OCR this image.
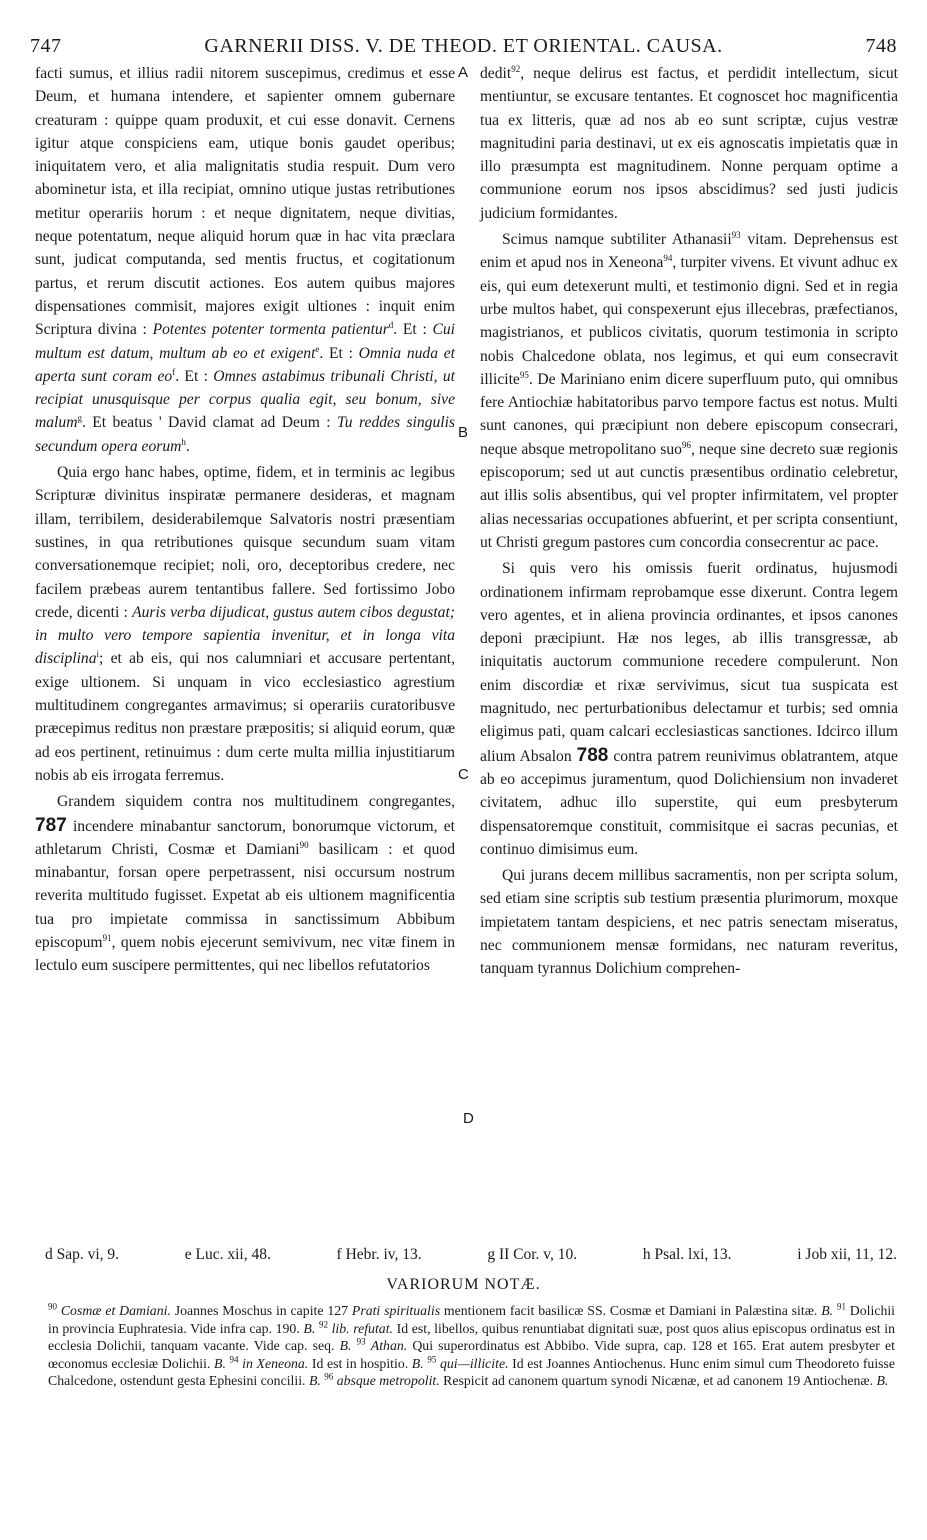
747	GARNERII DISS. V. DE THEOD. ET ORIENTAL. CAUSA.	748
A
B
C
D

facti sumus, et illius radii nitorem suscepimus, credimus et esse Deum, et humana intendere, et sapienter omnem gubernare creaturam : quippe quam produxit, et cui esse donavit. Cernens igitur atque conspiciens eam, utique bonis gaudet operibus; iniquitatem vero, et alia malignitatis studia respuit. Dum vero abominetur ista, et illa recipiat, omnino utique justas retributiones metitur operariis horum : et neque dignitatem, neque divitias, neque potentatum, neque aliquid horum quæ in hac vita præclara sunt, judicat computanda, sed mentis fructus, et cogitationum partus, et rerum discutit actiones. Eos autem quibus majores dispensationes commisit, majores exigit ultiones : inquit enim Scriptura divina : Potentes potenter tormenta patientur$^d$. Et : Cui multum est datum, multum ab eo et exigent$^e$. Et : Omnia nuda et aperta sunt coram $eo^f$. Et : Omnes astabimus tribunali Christi, ut recipiat unusquisque per corpus qualia egit, seu bonum, sive malum$^g$. Et beatus ' David clamat ad Deum : Tu reddes singulis secundum opera eorum$^h$.

Quia ergo hanc habes, optime, fidem, et in terminis ac legibus Scripturæ divinitus inspiratæ permanere desideras, et magnam illam, terribilem, desiderabilemque Salvatoris nostri præsentiam sustines, in qua retributiones quisque secundum suam vitam conversationemque recipiet; noli, oro, deceptoribus credere, nec facilem præbeas aurem tentantibus fallere. Sed fortissimo Jobo crede, dicenti : Auris verba dijudicat, gustus autem cibos degustat; in multo vero tempore sapientia invenitur, et in longa vita disciplina$^i$; et ab eis, qui nos calumniari et accusare pertentant, exige ultionem. Si unquam in vico ecclesiastico agrestium multitudinem congregantes armavimus; si operariis curatoribusve præcepimus reditus non præstare præpositis; si aliquid eorum, quæ ad eos pertinent, retinuimus : dum certe multa millia injustitiarum nobis ab eis irrogata ferremus.

Grandem siquidem contra nos multitudinem congregantes, 787 incendere minabantur sanctorum, bonorumque victorum, et athletarum Christi, Cosmæ et Damiani$^{90}$ basilicam : et quod minabantur, forsan opere perpetrassent, nisi occursum nostrum reverita multitudo fugisset. Expetat ab eis ultionem magnificentia tua pro impietate commissa in sanctissimum Abbibum episcopum$^{91}$, quem nobis ejecerunt semivivum, nec vitæ finem in lectulo eum suscipere permittentes, qui nec libellos refutatorios

dedit$^{92}$, neque delirus est factus, et perdidit intellectum, sicut mentiuntur, se excusare tentantes. Et cognoscet hoc magnificentia tua ex litteris, quæ ad nos ab eo sunt scriptæ, cujus vestræ magnitudini paria destinavi, ut ex eis agnoscatis impietatis quæ in illo præsumpta est magnitudinem. Nonne perquam optime a communione eorum nos ipsos abscidimus? sed justi judicis judicium formidantes.

Scimus namque subtiliter Athanasii$^{93}$ vitam. Deprehensus est enim et apud nos in Xeneona$^{94}$, turpiter vivens. Et vivunt adhuc ex eis, qui eum detexerunt multi, et testimonio digni. Sed et in regia urbe multos habet, qui conspexerunt ejus illecebras, præfectianos, magistrianos, et publicos civitatis, quorum testimonia in scripto nobis Chalcedone oblata, nos legimus, et qui eum consecravit illicite$^{95}$. De Mariniano enim dicere superfluum puto, qui omnibus fere Antiochiæ habitatoribus parvo tempore factus est notus. Multi sunt canones, qui præcipiunt non debere episcopum consecrari, neque absque metropolitano suo$^{96}$, neque sine decreto suæ regionis episcoporum; sed ut aut cunctis præsentibus ordinatio celebretur, aut illis solis absentibus, qui vel propter infirmitatem, vel propter alias necessarias occupationes abfuerint, et per scripta consentiunt, ut Christi gregum pastores cum concordia consecrentur ac pace.

Si quis vero his omissis fuerit ordinatus, hujusmodi ordinationem infirmam reprobamque esse dixerunt. Contra legem vero agentes, et in aliena provincia ordinantes, et ipsos canones deponi præcipiunt. Hæ nos leges, ab illis transgressæ, ab iniquitatis auctorum communione recedere compulerunt. Non enim discordiæ et rixæ servivimus, sicut tua suspicata est magnitudo, nec perturbationibus delectamur et turbis; sed omnia eligimus pati, quam calcari ecclesiasticas sanctiones. Idcirco illum alium Absalon 788 contra patrem reunivimus oblatrantem, atque ab eo accepimus juramentum, quod Dolichiensium non invaderet civitatem, adhuc illo superstite, qui eum presbyterum dispensatoremque constituit, commisitque ei sacras pecunias, et continuo dimisimus eum.

Qui jurans decem millibus sacramentis, non per scripta solum, sed etiam sine scriptis sub testium præsentia plurimorum, moxque impietatem tantam despiciens, et nec patris senectam miseratus, nec communionem mensæ formidans, nec naturam reveritus, tanquam tyrannus Dolichium comprehen-

d Sap. vi, 9.	e Luc. xii, 48.	f Hebr. iv, 13.	g II Cor. v, 10.	h Psal. lxi, 13.	i Job xii, 11, 12.
VARIORUM NOTÆ.

$^{90}$ Cosmæ et Damiani. Joannes Moschus in capite 127 Prati spiritualis mentionem facit basilicæ SS. Cosmæ et Damiani in Palæstina sitæ. B. $^{91}$ Dolichii in provincia Euphratesia. Vide infra cap. 190. B. $^{92}$ lib. refutat. Id est, libellos, quibus renuntiabat dignitati suæ, post quos alius episcopus ordinatus est in ecclesia Dolichii, tanquam vacante. Vide cap. seq. B. $^{93}$ Athan. Qui superordinatus est Abbibo. Vide supra, cap. 128 et 165. Erat autem presbyter et œconomus ecclesiæ Dolichii. B. $^{94}$ in Xeneona. Id est in hospitio. B. $^{95}$ qui—illicite. Id est Joannes Antiochenus. Hunc enim simul cum Theodoreto fuisse Chalcedone, ostendunt gesta Ephesini concilii. B. $^{96}$ absque metropolit. Respicit ad canonem quartum synodi Nicænæ, et ad canonem 19 Antiochenæ. B.
